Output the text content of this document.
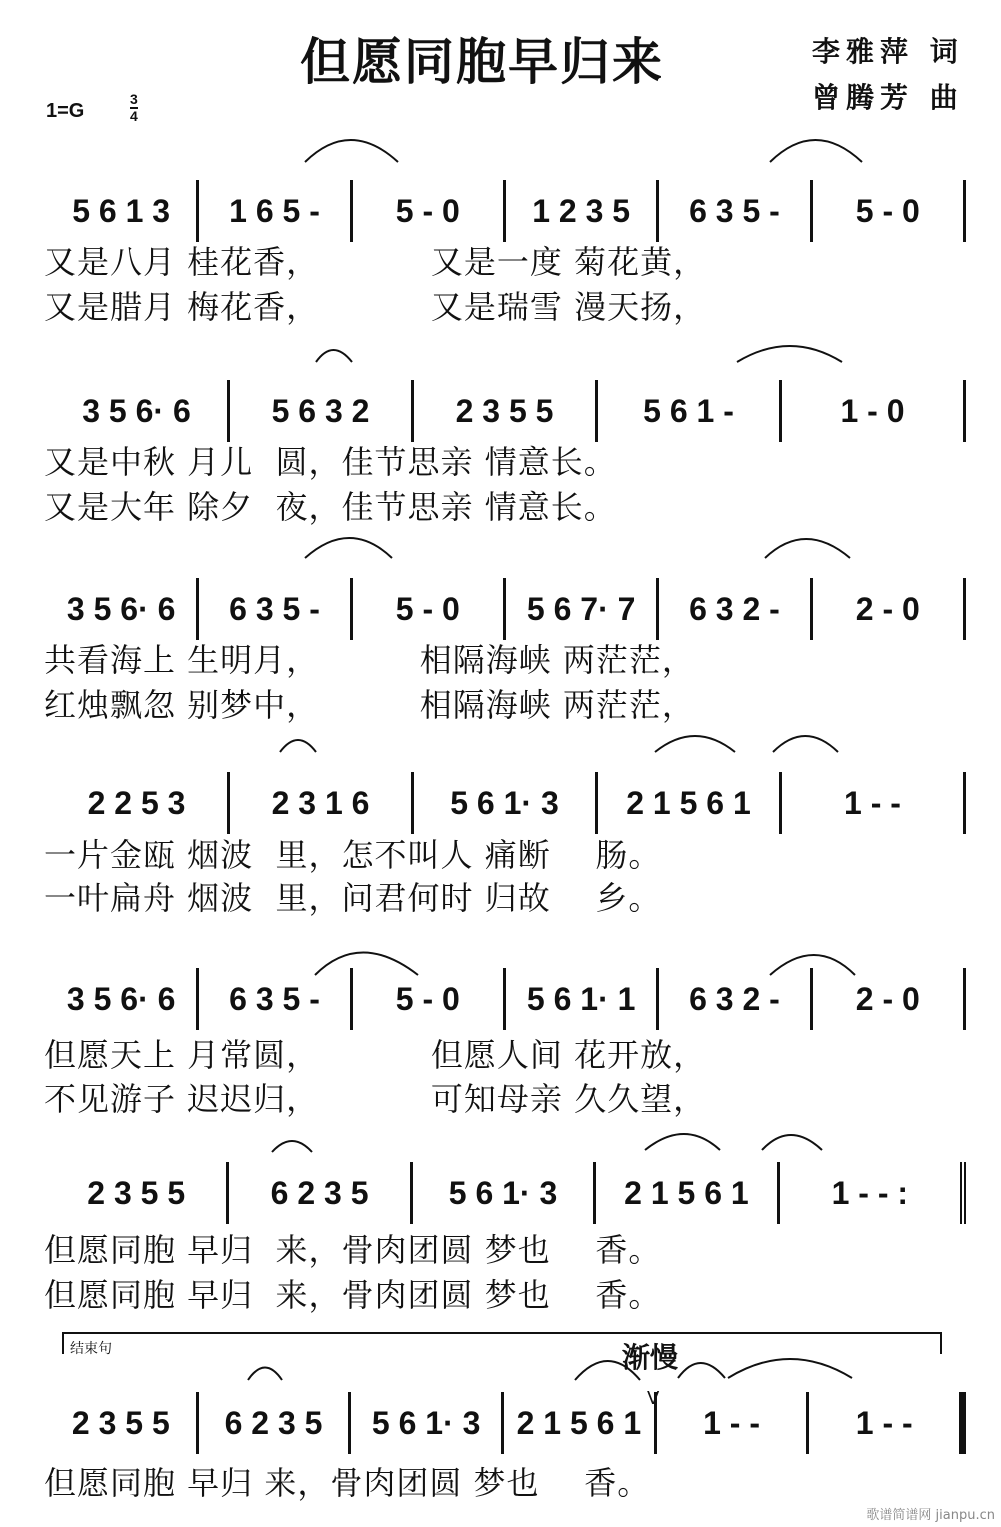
但愿同胞早归来	李雅萍 词
曾腾芳 曲
1=G
3
4
5 6 1 3	1 6 5 -	5 - 0	1 2 3 5	6 3 5 -	5 - 0
又是八月 桂花香，          又是一度 菊花黄，
又是腊月 梅花香，          又是瑞雪 漫天扬，
3 5 6· 6	5 6 3 2	2 3 5 5	5 6 1 -	1 - 0
又是中秋 月儿  圆，佳节思亲 情意长。
又是大年 除夕  夜，佳节思亲 情意长。
3 5 6· 6	6 3 5 -	5 - 0	5 6 7· 7	6 3 2 -	2 - 0
共看海上 生明月，         相隔海峡 两茫茫，
红烛飘忽 别梦中，         相隔海峡 两茫茫，
2 2 5 3	2 3 1 6	5 6 1· 3	2 1 5 6 1	1 - -
一片金瓯 烟波  里，怎不叫人 痛断    肠。
一叶扁舟 烟波  里，问君何时 归故    乡。
3 5 6· 6	6 3 5 -	5 - 0	5 6 1· 1	6 3 2 -	2 - 0
但愿天上 月常圆，          但愿人间 花开放，
不见游子 迟迟归，          可知母亲 久久望，
2 3 5 5	6 2 3 5	5 6 1· 3	2 1 5 6 1	1 - - :
但愿同胞 早归  来，骨肉团圆 梦也    香。
但愿同胞 早归  来，骨肉团圆 梦也    香。
结束句	渐慢
V
2 3 5 5	6 2 3 5	5 6 1· 3	2 1 5 6 1	1 - -	1 - -
但愿同胞 早归 来，骨肉团圆 梦也    香。
歌谱简谱网 jianpu.cn
